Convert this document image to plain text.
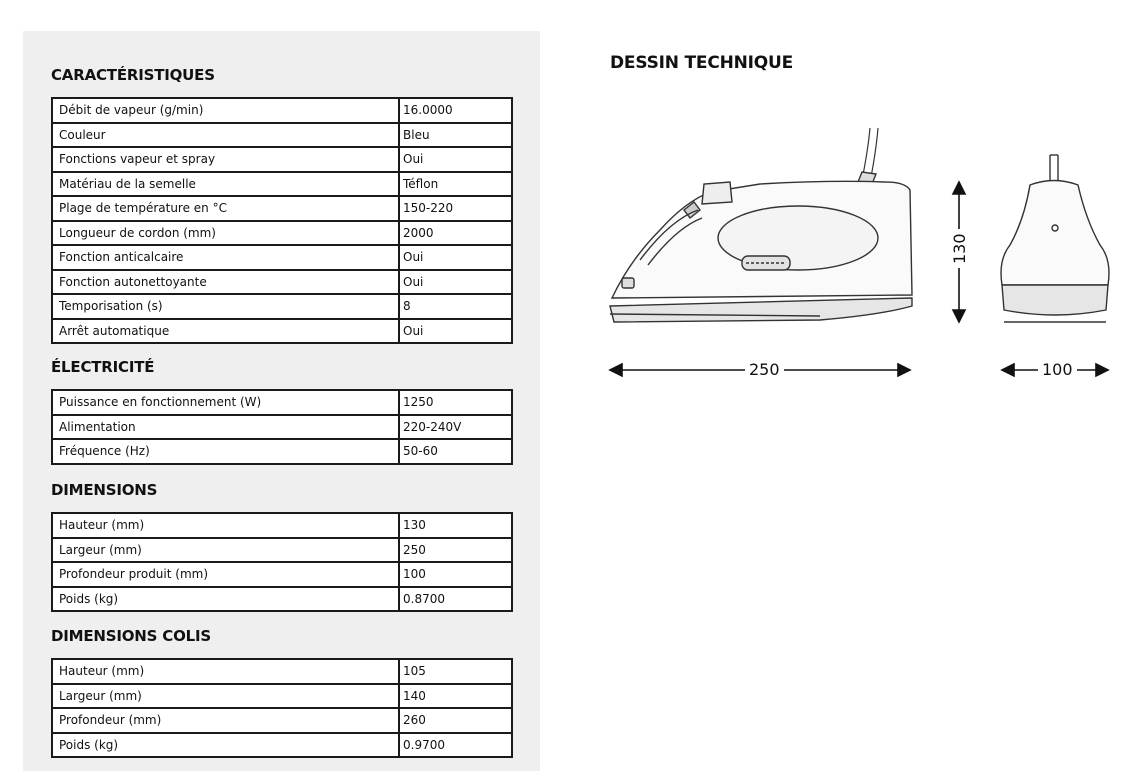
CARACTÉRISTIQUES
Débit de vapeur (g/min)	16.0000
Couleur	Bleu
Fonctions vapeur et spray	Oui
Matériau de la semelle	Téflon
Plage de température en °C	150-220
Longueur de cordon (mm)	2000
Fonction anticalcaire	Oui
Fonction autonettoyante	Oui
Temporisation (s)	8
Arrêt automatique	Oui
ÉLECTRICITÉ
Puissance en fonctionnement (W)	1250
Alimentation	220-240V
Fréquence (Hz)	50-60
DIMENSIONS
Hauteur (mm)	130
Largeur (mm)	250
Profondeur produit (mm)	100
Poids (kg)	0.8700
DIMENSIONS COLIS
Hauteur (mm)	105
Largeur (mm)	140
Profondeur (mm)	260
Poids (kg)	0.9700
DESSIN TECHNIQUE
130
250	100
